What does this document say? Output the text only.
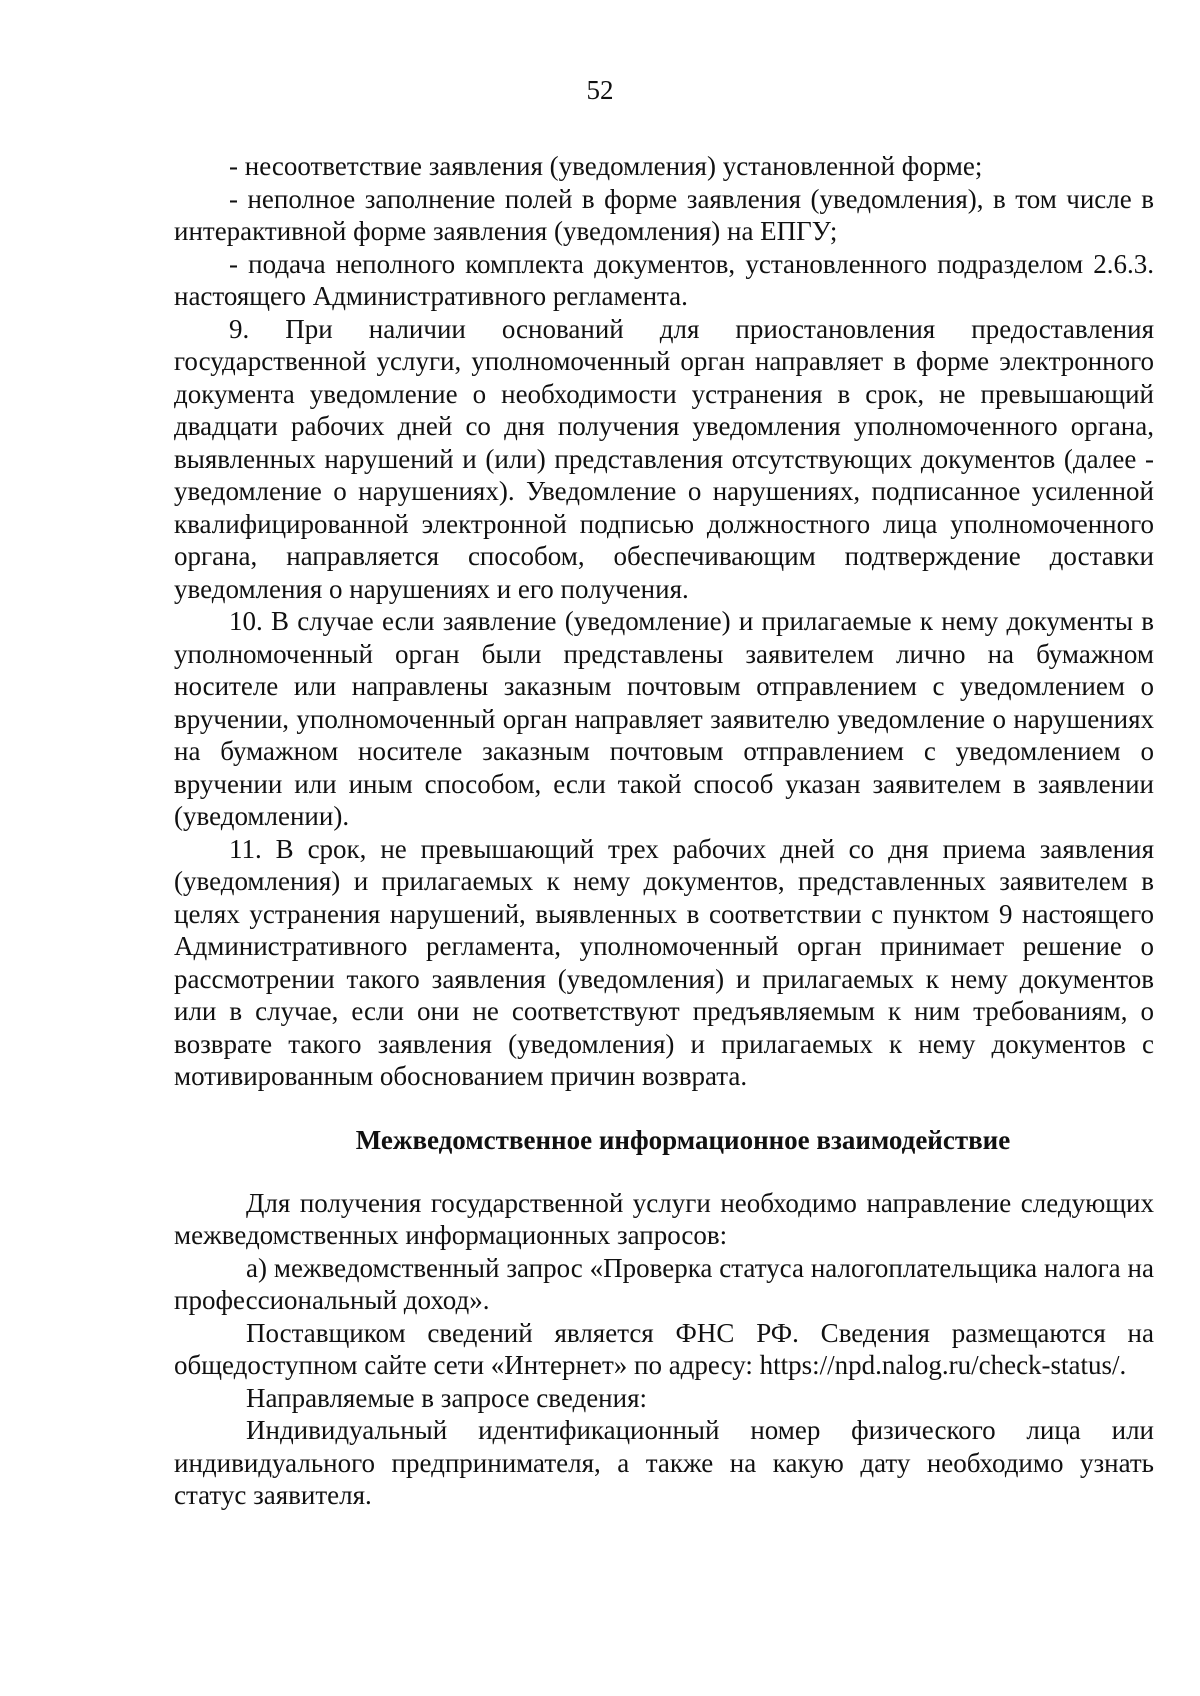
52

- несоответствие заявления (уведомления) установленной форме;

- неполное заполнение полей в форме заявления (уведомления), в том числе в интерактивной форме заявления (уведомления) на ЕПГУ;

- подача неполного комплекта документов, установленного подразделом 2.6.3. настоящего Административного регламента.

9. При наличии оснований для приостановления предоставления государственной услуги, уполномоченный орган направляет в форме электронного документа уведомление о необходимости устранения в срок, не превышающий двадцати рабочих дней со дня получения уведомления уполномоченного органа, выявленных нарушений и (или) представления отсутствующих документов (далее - уведомление о нарушениях). Уведомление о нарушениях, подписанное усиленной квалифицированной электронной подписью должностного лица уполномоченного органа, направляется способом, обеспечивающим подтверждение доставки уведомления о нарушениях и его получения.

10. В случае если заявление (уведомление) и прилагаемые к нему документы в уполномоченный орган были представлены заявителем лично на бумажном носителе или направлены заказным почтовым отправлением с уведомлением о вручении, уполномоченный орган направляет заявителю уведомление о нарушениях на бумажном носителе заказным почтовым отправлением с уведомлением о вручении или иным способом, если такой способ указан заявителем в заявлении (уведомлении).

11. В срок, не превышающий трех рабочих дней со дня приема заявления (уведомления) и прилагаемых к нему документов, представленных заявителем в целях устранения нарушений, выявленных в соответствии с пунктом 9 настоящего Административного регламента, уполномоченный орган принимает решение о рассмотрении такого заявления (уведомления) и прилагаемых к нему документов или в случае, если они не соответствуют предъявляемым к ним требованиям, о возврате такого заявления (уведомления) и прилагаемых к нему документов с мотивированным обоснованием причин возврата.

Межведомственное информационное взаимодействие

Для получения государственной услуги необходимо направление следующих межведомственных информационных запросов:

а) межведомственный запрос «Проверка статуса налогоплательщика налога на профессиональный доход».

Поставщиком сведений является ФНС РФ. Сведения размещаются на общедоступном сайте сети «Интернет» по адресу: https://npd.nalog.ru/check-status/.

Направляемые в запросе сведения:

Индивидуальный идентификационный номер физического лица или индивидуального предпринимателя, а также на какую дату необходимо узнать статус заявителя.
